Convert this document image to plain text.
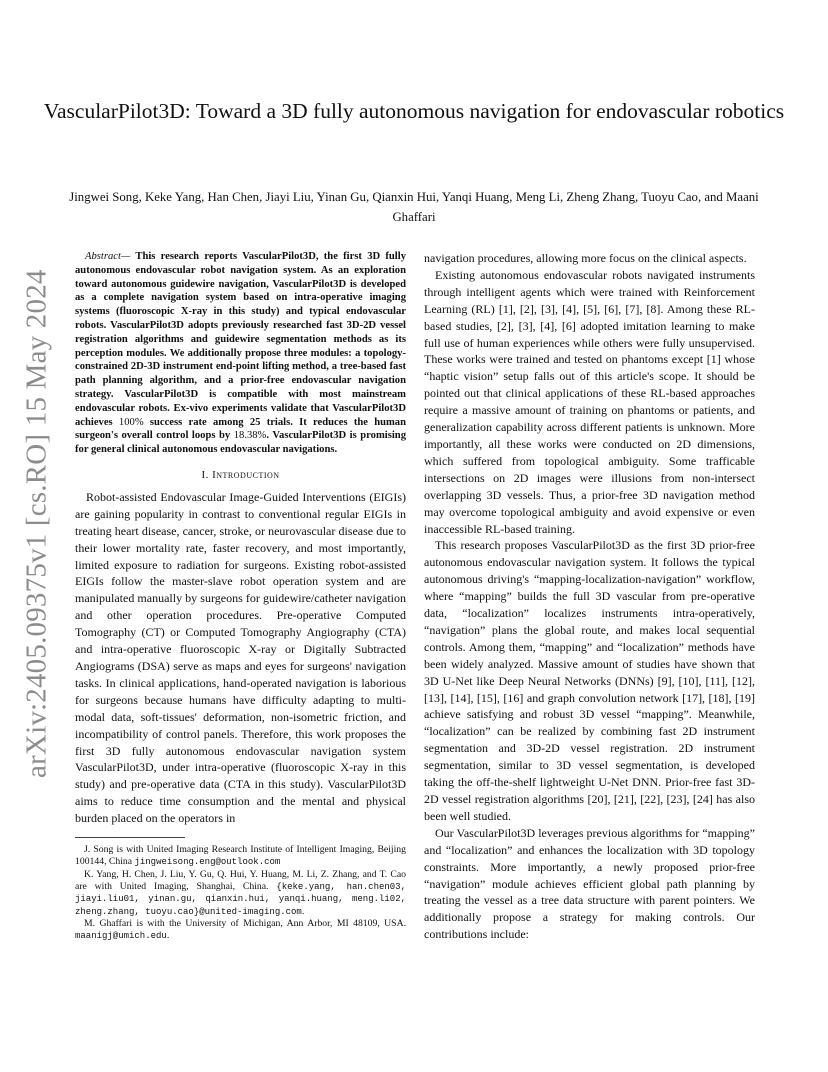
arXiv:2405.09375v1 [cs.RO] 15 May 2024
VascularPilot3D: Toward a 3D fully autonomous navigation for endovascular robotics
Jingwei Song, Keke Yang, Han Chen, Jiayi Liu, Yinan Gu, Qianxin Hui, Yanqi Huang, Meng Li, Zheng Zhang, Tuoyu Cao, and Maani Ghaffari

Abstract— This research reports VascularPilot3D, the first 3D fully autonomous endovascular robot navigation system. As an exploration toward autonomous guidewire navigation, VascularPilot3D is developed as a complete navigation system based on intra-operative imaging systems (fluoroscopic X-ray in this study) and typical endovascular robots. VascularPilot3D adopts previously researched fast 3D-2D vessel registration algorithms and guidewire segmentation methods as its perception modules. We additionally propose three modules: a topology-constrained 2D-3D instrument end-point lifting method, a tree-based fast path planning algorithm, and a prior-free endovascular navigation strategy. VascularPilot3D is compatible with most mainstream endovascular robots. Ex-vivo experiments validate that VascularPilot3D achieves 100% success rate among 25 trials. It reduces the human surgeon's overall control loops by 18.38%. VascularPilot3D is promising for general clinical autonomous endovascular navigations.

I. Introduction

Robot-assisted Endovascular Image-Guided Interventions (EIGIs) are gaining popularity in contrast to conventional regular EIGIs in treating heart disease, cancer, stroke, or neurovascular disease due to their lower mortality rate, faster recovery, and most importantly, limited exposure to radiation for surgeons. Existing robot-assisted EIGIs follow the master-slave robot operation system and are manipulated manually by surgeons for guidewire/catheter navigation and other operation procedures. Pre-operative Computed Tomography (CT) or Computed Tomography Angiography (CTA) and intra-operative fluoroscopic X-ray or Digitally Subtracted Angiograms (DSA) serve as maps and eyes for surgeons' navigation tasks. In clinical applications, hand-operated navigation is laborious for surgeons because humans have difficulty adapting to multi-modal data, soft-tissues' deformation, non-isometric friction, and incompatibility of control panels. Therefore, this work proposes the first 3D fully autonomous endovascular navigation system VascularPilot3D, under intra-operative (fluoroscopic X-ray in this study) and pre-operative data (CTA in this study). VascularPilot3D aims to reduce time consumption and the mental and physical burden placed on the operators in

J. Song is with United Imaging Research Institute of Intelligent Imaging, Beijing 100144, China jingweisong.eng@outlook.com

K. Yang, H. Chen, J. Liu, Y. Gu, Q. Hui, Y. Huang, M. Li, Z. Zhang, and T. Cao are with United Imaging, Shanghai, China. {keke.yang, han.chen03, jiayi.liu01, yinan.gu, qianxin.hui, yanqi.huang, meng.li02, zheng.zhang, tuoyu.cao}@united-imaging.com.

M. Ghaffari is with the University of Michigan, Ann Arbor, MI 48109, USA. maanigj@umich.edu.

navigation procedures, allowing more focus on the clinical aspects.

Existing autonomous endovascular robots navigated instruments through intelligent agents which were trained with Reinforcement Learning (RL) [1], [2], [3], [4], [5], [6], [7], [8]. Among these RL-based studies, [2], [3], [4], [6] adopted imitation learning to make full use of human experiences while others were fully unsupervised. These works were trained and tested on phantoms except [1] whose “haptic vision” setup falls out of this article's scope. It should be pointed out that clinical applications of these RL-based approaches require a massive amount of training on phantoms or patients, and generalization capability across different patients is unknown. More importantly, all these works were conducted on 2D dimensions, which suffered from topological ambiguity. Some trafficable intersections on 2D images were illusions from non-intersect overlapping 3D vessels. Thus, a prior-free 3D navigation method may overcome topological ambiguity and avoid expensive or even inaccessible RL-based training.

This research proposes VascularPilot3D as the first 3D prior-free autonomous endovascular navigation system. It follows the typical autonomous driving's “mapping-localization-navigation” workflow, where “mapping” builds the full 3D vascular from pre-operative data, “localization” localizes instruments intra-operatively, “navigation” plans the global route, and makes local sequential controls. Among them, “mapping” and “localization” methods have been widely analyzed. Massive amount of studies have shown that 3D U-Net like Deep Neural Networks (DNNs) [9], [10], [11], [12], [13], [14], [15], [16] and graph convolution network [17], [18], [19] achieve satisfying and robust 3D vessel “mapping”. Meanwhile, “localization” can be realized by combining fast 2D instrument segmentation and 3D-2D vessel registration. 2D instrument segmentation, similar to 3D vessel segmentation, is developed taking the off-the-shelf lightweight U-Net DNN. Prior-free fast 3D-2D vessel registration algorithms [20], [21], [22], [23], [24] has also been well studied.

Our VascularPilot3D leverages previous algorithms for “mapping” and “localization” and enhances the localization with 3D topology constraints. More importantly, a newly proposed prior-free “navigation” module achieves efficient global path planning by treating the vessel as a tree data structure with parent pointers. We additionally propose a strategy for making controls. Our contributions include:
